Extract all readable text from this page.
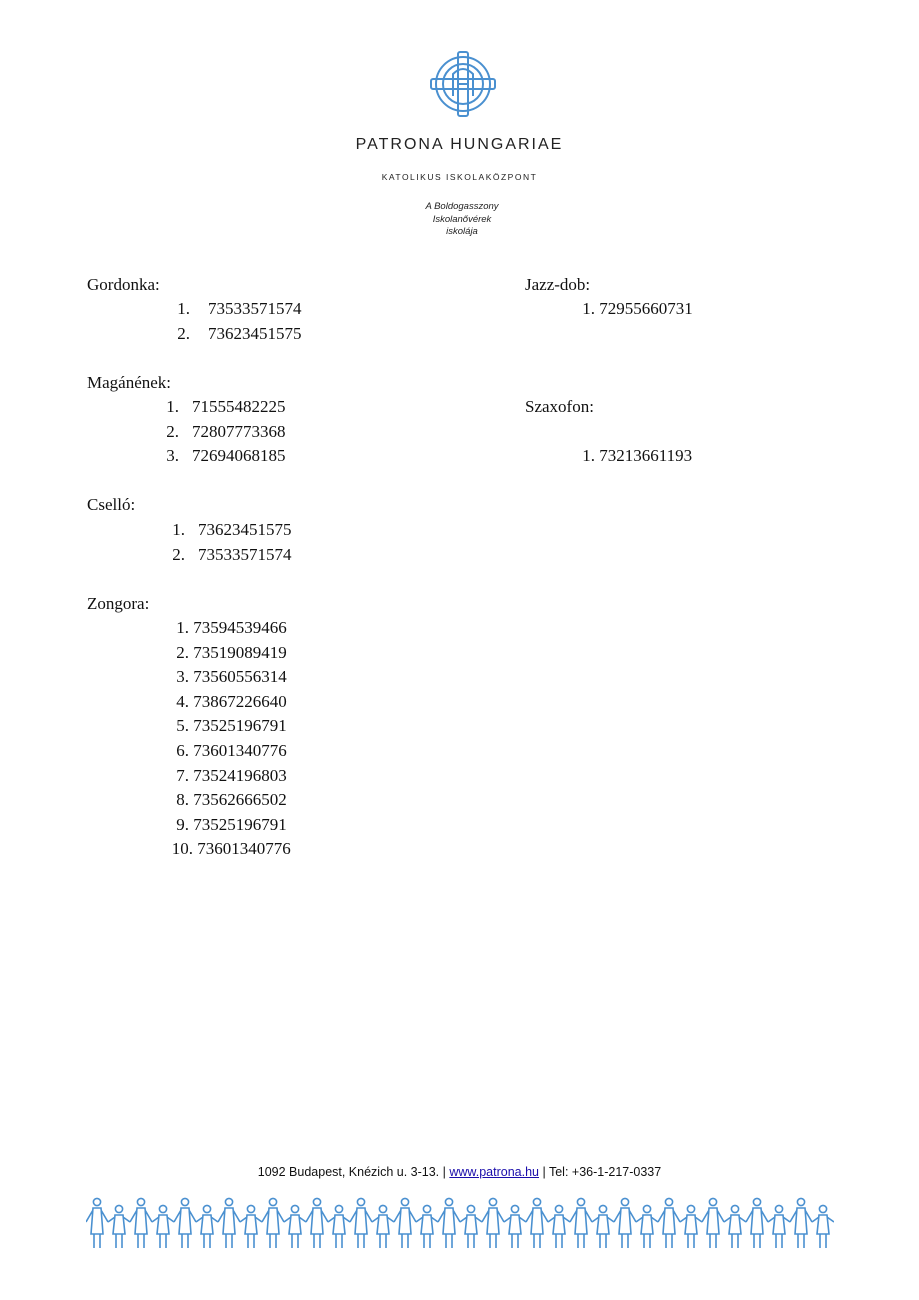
PATRONA HUNGARIAE
KATOLIKUS ISKOLAKÖZPONT
A Boldogasszony
Iskolanővérek
iskolája
Gordonka:
1. 73533571574
2. 73623451575
Magánének:
1. 71555482225
2. 72807773368
3. 72694068185
Cselló:
1. 73623451575
2. 73533571574
Zongora:
1. 73594539466
2. 73519089419
3. 73560556314
4. 73867226640
5. 73525196791
6. 73601340776
7. 73524196803
8. 73562666502
9. 73525196791
10. 73601340776
Jazz-dob:
1. 72955660731
Szaxofon:
1. 73213661193
1092 Budapest, Knézich u. 3-13. | www.patrona.hu | Tel: +36-1-217-0337
